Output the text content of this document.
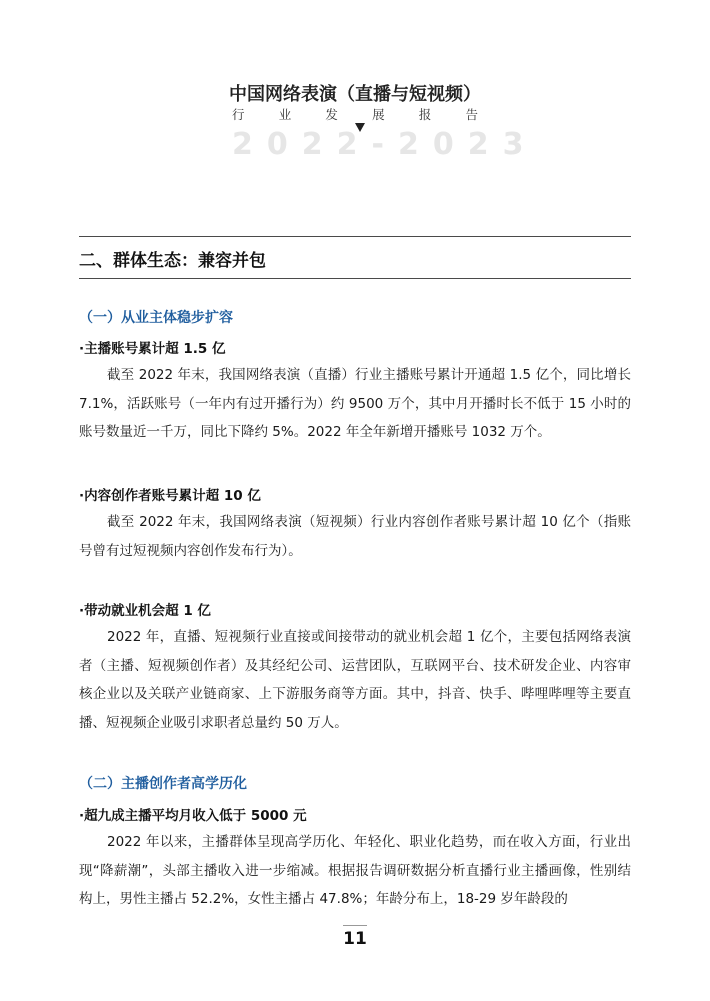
中国网络表演（直播与短视频）
行	业	发	展	报	告
2022-2023
二、群体生态：兼容并包
（一）从业主体稳步扩容
·主播账号累计超 1.5 亿
截至 2022 年末，我国网络表演（直播）行业主播账号累计开通超 1.5 亿个，同比增长 7.1%，活跃账号（一年内有过开播行为）约 9500 万个，其中月开播时长不低于 15 小时的账号数量近一千万，同比下降约 5%。2022 年全年新增开播账号 1032 万个。
·内容创作者账号累计超 10 亿
截至 2022 年末，我国网络表演（短视频）行业内容创作者账号累计超 10 亿个（指账号曾有过短视频内容创作发布行为）。
·带动就业机会超 1 亿
2022 年，直播、短视频行业直接或间接带动的就业机会超 1 亿个，主要包括网络表演者（主播、短视频创作者）及其经纪公司、运营团队，互联网平台、技术研发企业、内容审核企业以及关联产业链商家、上下游服务商等方面。其中，抖音、快手、哔哩哔哩等主要直播、短视频企业吸引求职者总量约 50 万人。
（二）主播创作者高学历化
·超九成主播平均月收入低于 5000 元
2022 年以来，主播群体呈现高学历化、年轻化、职业化趋势，而在收入方面，行业出现“降薪潮”，头部主播收入进一步缩减。根据报告调研数据分析直播行业主播画像，性别结构上，男性主播占 52.2%，女性主播占 47.8%；年龄分布上，18-29 岁年龄段的
11
